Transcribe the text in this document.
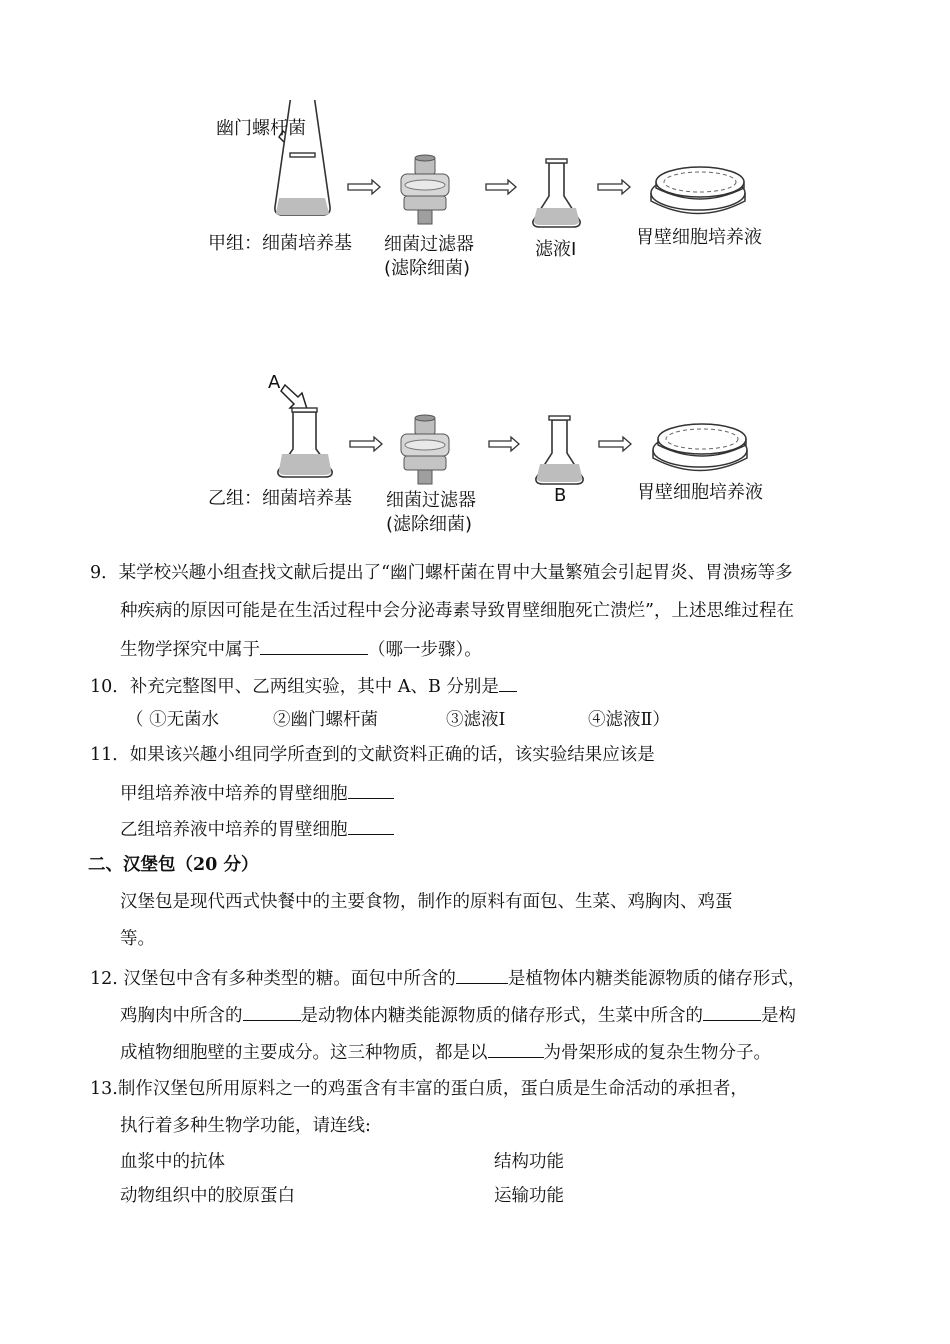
幽门螺杆菌
甲组：细菌培养基 细菌过滤器
(滤除细菌)
滤液I
胃壁细胞培养液
A
乙组：细菌培养基 细菌过滤器
(滤除细菌)
B	胃壁细胞培养液
9．某学校兴趣小组查找文献后提出了“幽门螺杆菌在胃中大量繁殖会引起胃炎、胃溃疡等多
种疾病的原因可能是在生活过程中会分泌毒素导致胃壁细胞死亡溃烂”，上述思维过程在
生物学探究中属于	（哪一步骤）。
10．补充完整图甲、乙两组实验，其中 A、B 分别是
（ ①无菌水	②幽门螺杆菌	③滤液Ⅰ	④滤液Ⅱ）
11．如果该兴趣小组同学所查到的文献资料正确的话，该实验结果应该是
甲组培养液中培养的胃壁细胞
乙组培养液中培养的胃壁细胞
二、汉堡包（20 分）
汉堡包是现代西式快餐中的主要食物，制作的原料有面包、生菜、鸡胸肉、鸡蛋
等。
12. 汉堡包中含有多种类型的糖。面包中所含的	是植物体内糖类能源物质的储存形式，
鸡胸肉中所含的	是动物体内糖类能源物质的储存形式，生菜中所含的	是构
成植物细胞壁的主要成分。这三种物质，都是以	为骨架形成的复杂生物分子。
13.制作汉堡包所用原料之一的鸡蛋含有丰富的蛋白质，蛋白质是生命活动的承担者，
执行着多种生物学功能，请连线:
血浆中的抗体	结构功能
动物组织中的胶原蛋白	运输功能
